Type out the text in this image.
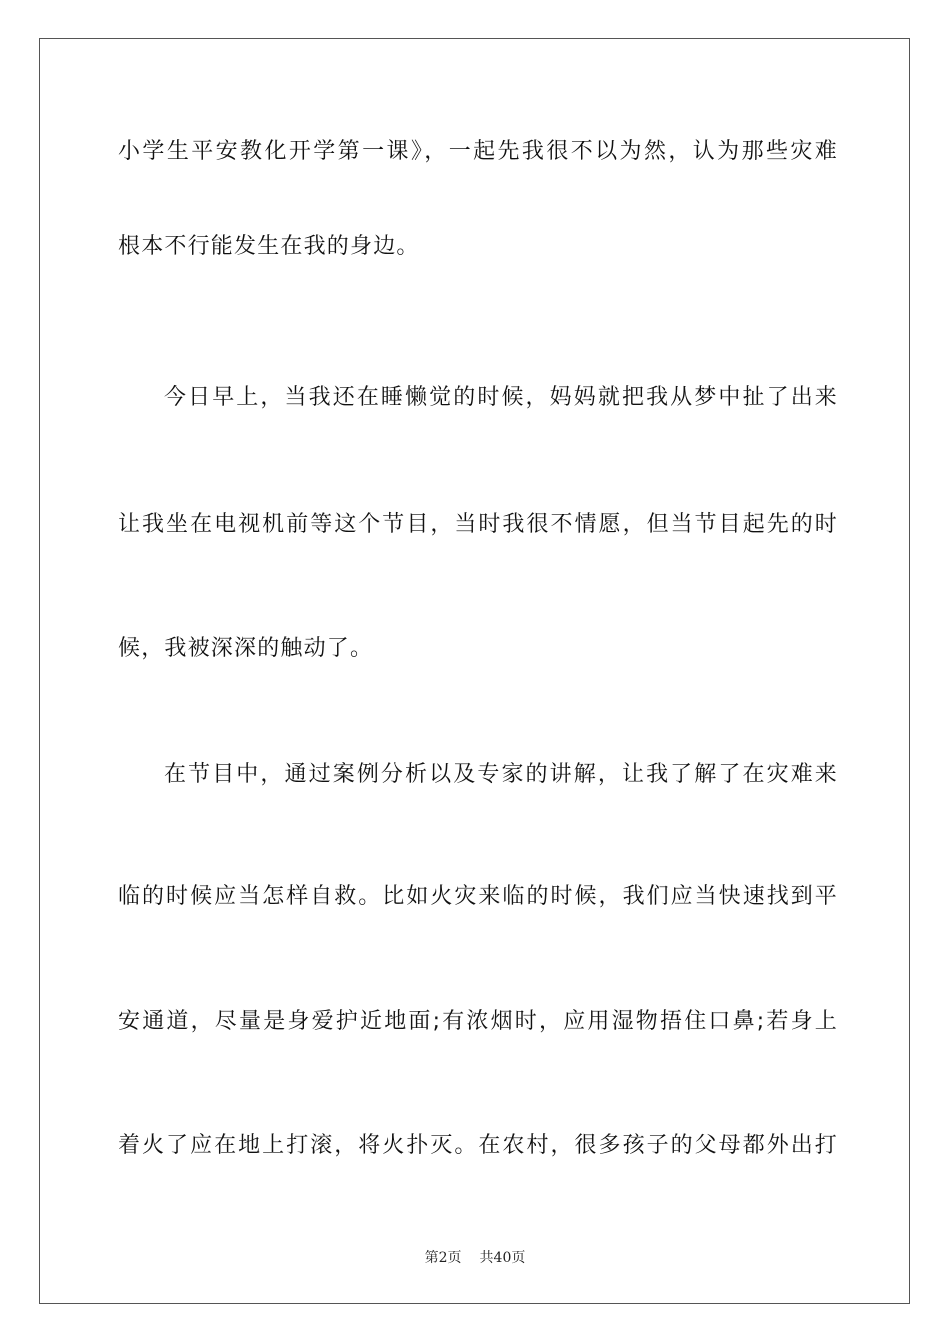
小学生平安教化开学第一课》，一起先我很不以为然，认为那些灾难
根本不行能发生在我的身边。
今日早上，当我还在睡懒觉的时候，妈妈就把我从梦中扯了出来
让我坐在电视机前等这个节目，当时我很不情愿，但当节目起先的时
候，我被深深的触动了。
在节目中，通过案例分析以及专家的讲解，让我了解了在灾难来
临的时候应当怎样自救。比如火灾来临的时候，我们应当快速找到平
安通道，尽量是身爱护近地面;有浓烟时，应用湿物捂住口鼻;若身上
着火了应在地上打滚，将火扑灭。在农村，很多孩子的父母都外出打
第2页 共40页
